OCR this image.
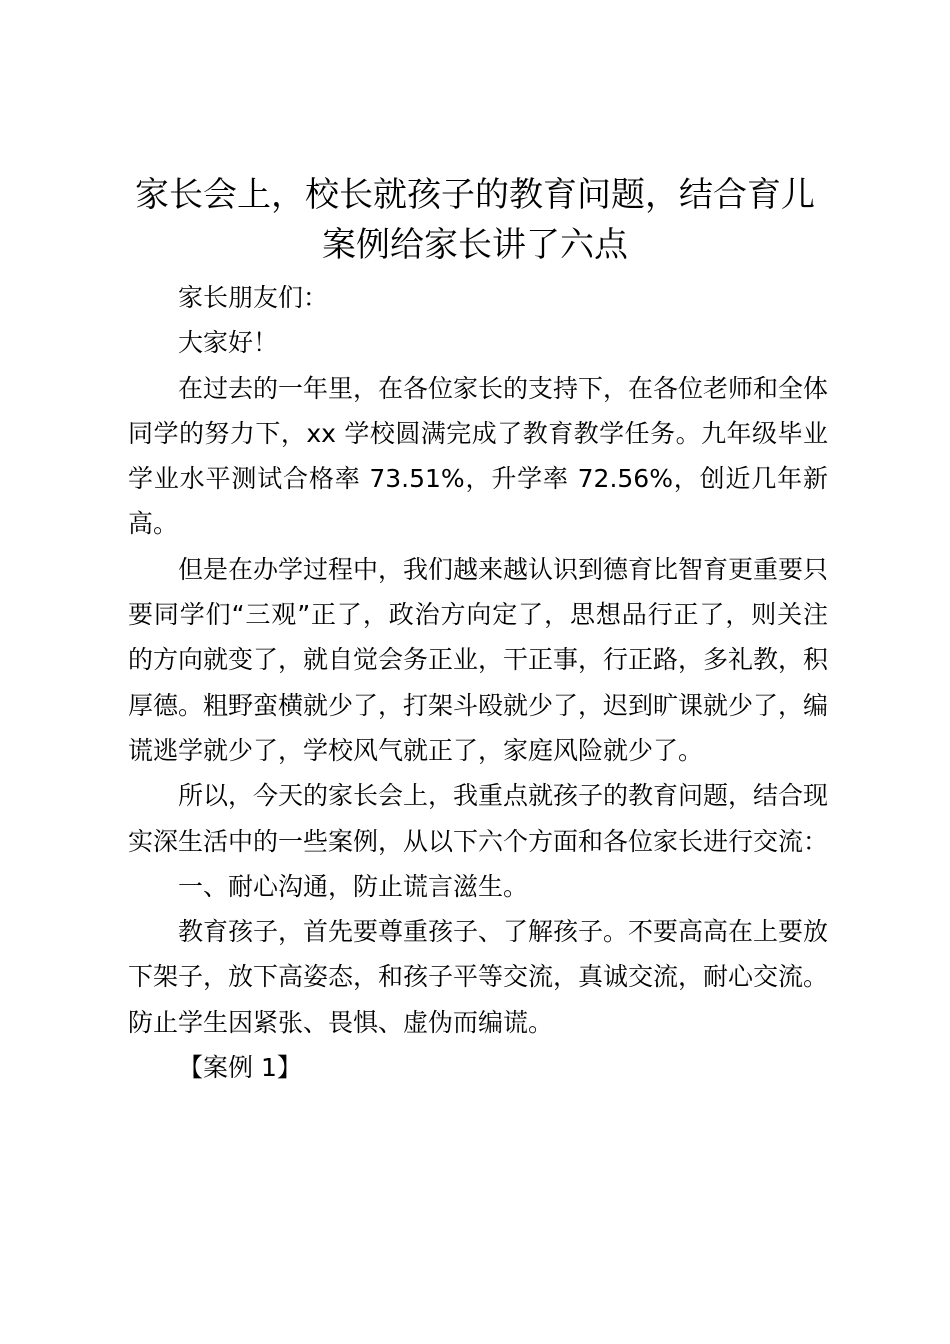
家长会上，校长就孩子的教育问题，结合育儿
案例给家长讲了六点

家长朋友们：

大家好！

在过去的一年里，在各位家长的支持下，在各位老师和全体同学的努力下，xx 学校圆满完成了教育教学任务。九年级毕业学业水平测试合格率 73.51%，升学率 72.56%，创近几年新高。

但是在办学过程中，我们越来越认识到德育比智育更重要只要同学们“三观”正了，政治方向定了，思想品行正了，则关注的方向就变了，就自觉会务正业，干正事，行正路，多礼教，积厚德。粗野蛮横就少了，打架斗殴就少了，迟到旷课就少了，编谎逃学就少了，学校风气就正了，家庭风险就少了。

所以，今天的家长会上，我重点就孩子的教育问题，结合现实深生活中的一些案例，从以下六个方面和各位家长进行交流：

一、耐心沟通，防止谎言滋生。

教育孩子，首先要尊重孩子、了解孩子。不要高高在上要放下架子，放下高姿态，和孩子平等交流，真诚交流，耐心交流。防止学生因紧张、畏惧、虚伪而编谎。

【案例 1】
